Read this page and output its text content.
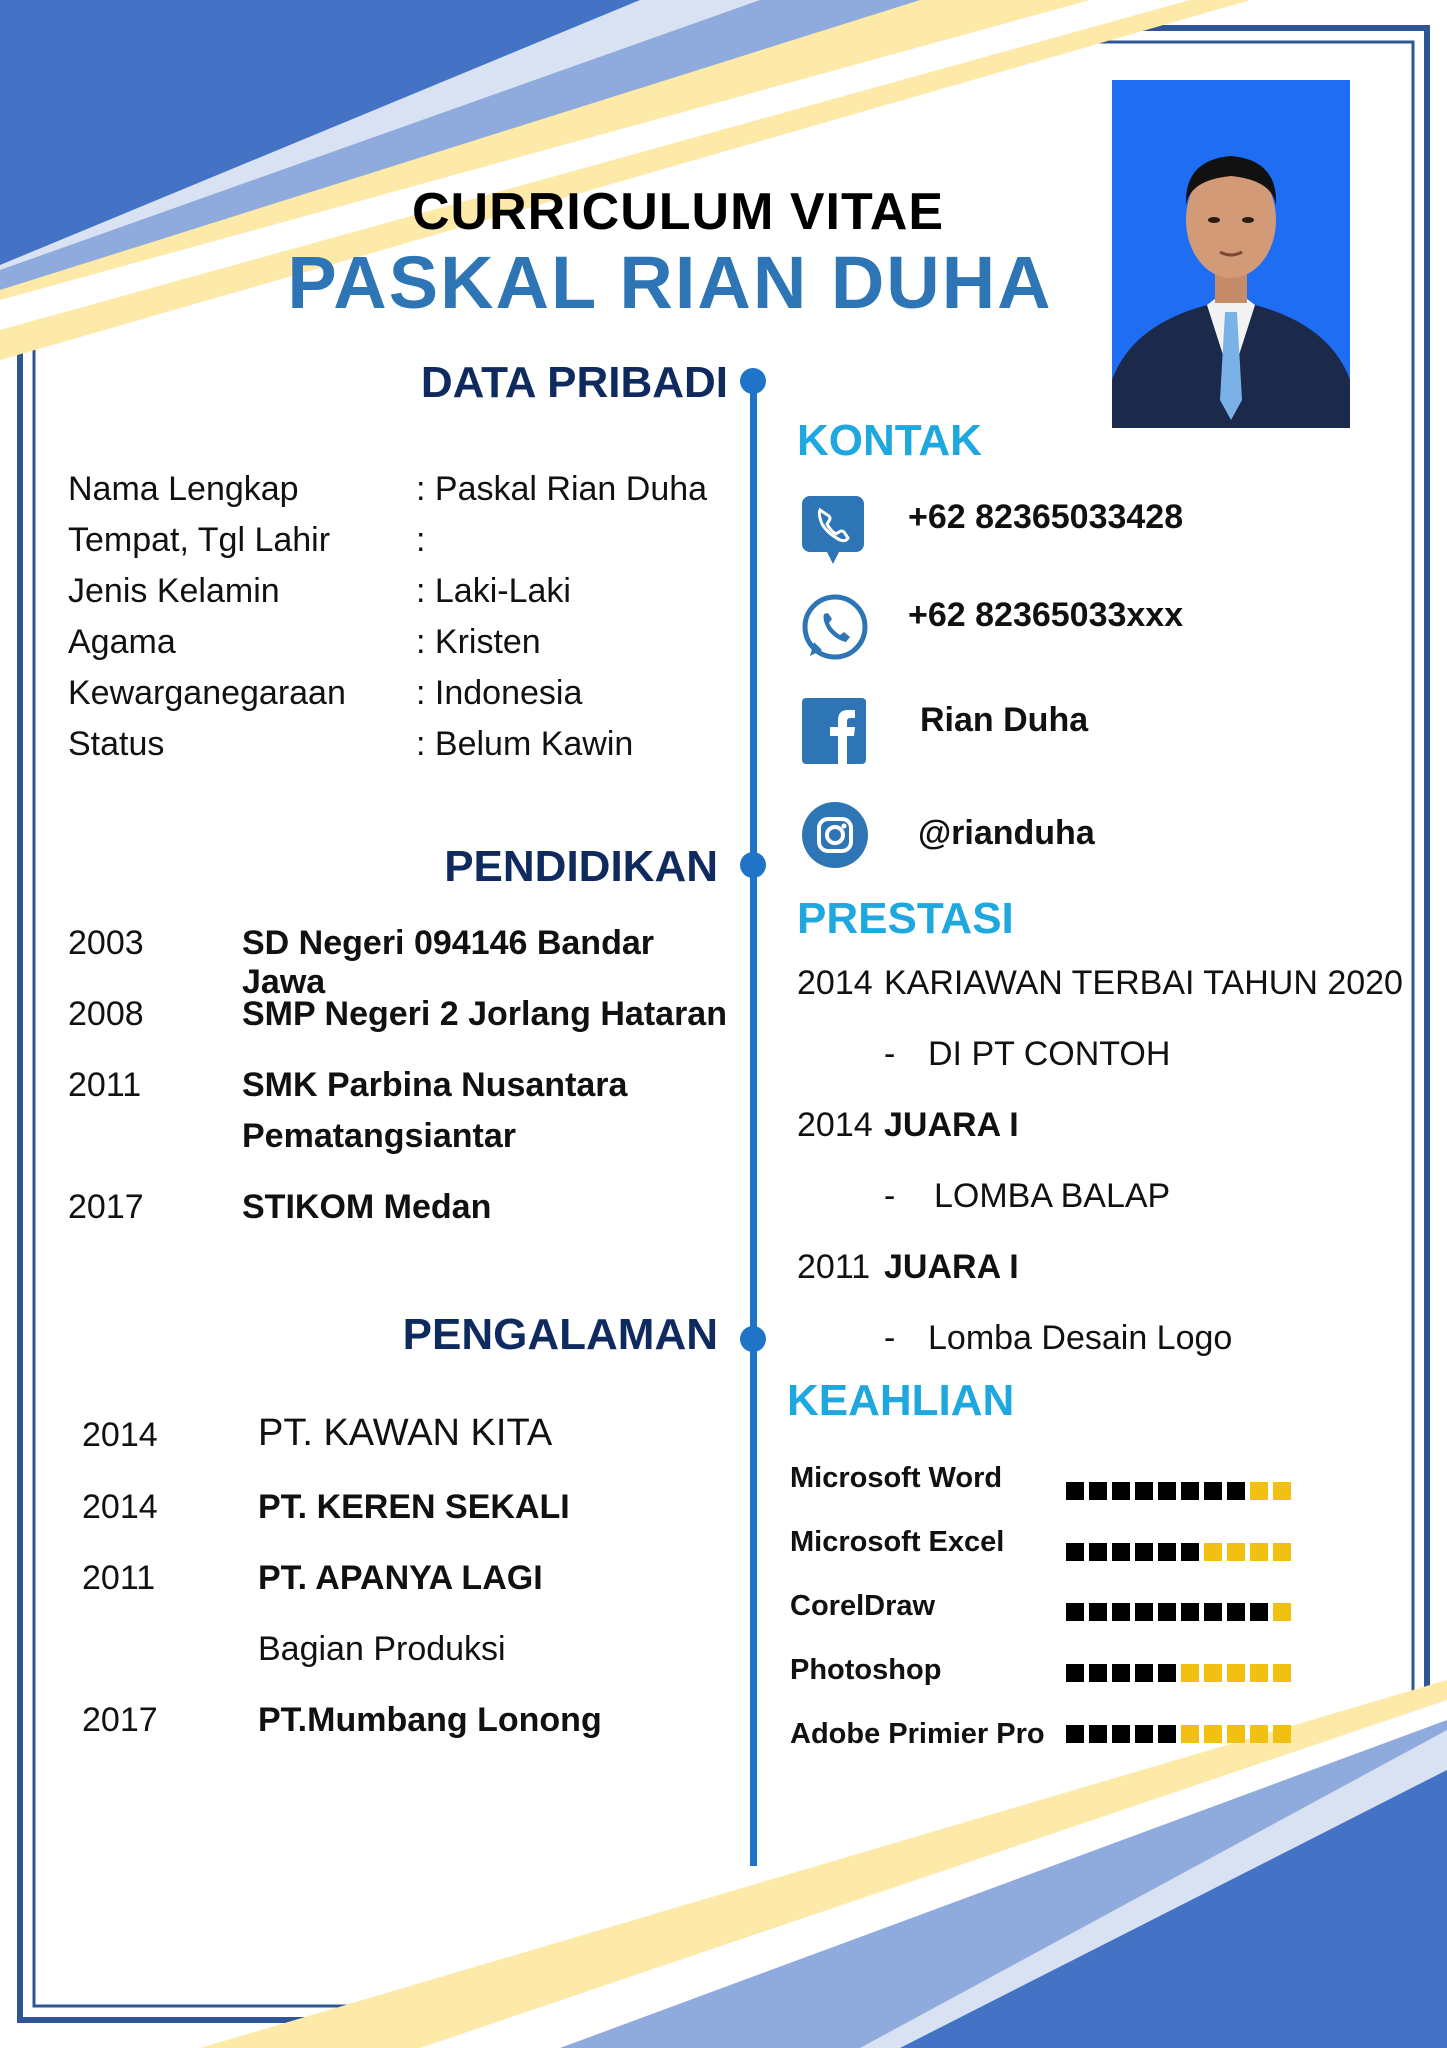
CURRICULUM VITAE
PASKAL RIAN DUHA
DATA PRIBADI
Nama Lengkap	: Paskal Rian Duha
Tempat, Tgl Lahir	:
Jenis Kelamin	: Laki-Laki
Agama	: Kristen
Kewarganegaraan	: Indonesia
Status	: Belum Kawin
PENDIDIKAN
2003	SD Negeri 094146 Bandar Jawa
2008	SMP Negeri 2 Jorlang Hataran
2011	SMK Parbina Nusantara
Pematangsiantar
2017	STIKOM Medan
PENGALAMAN
2014	PT. KAWAN KITA
2014	PT. KEREN SEKALI
2011	PT. APANYA LAGI
Bagian Produksi
2017	PT.Mumbang Lonong
KONTAK
+62 82365033428
+62 82365033xxx
Rian Duha
@rianduha
PRESTASI
2014 KARIAWAN TERBAI TAHUN 2020
- DI PT CONTOH
2014 JUARA I
- LOMBA BALAP
2011 JUARA I
- Lomba Desain Logo
KEAHLIAN
Microsoft Word
Microsoft Excel
CorelDraw
Photoshop
Adobe Primier Pro
